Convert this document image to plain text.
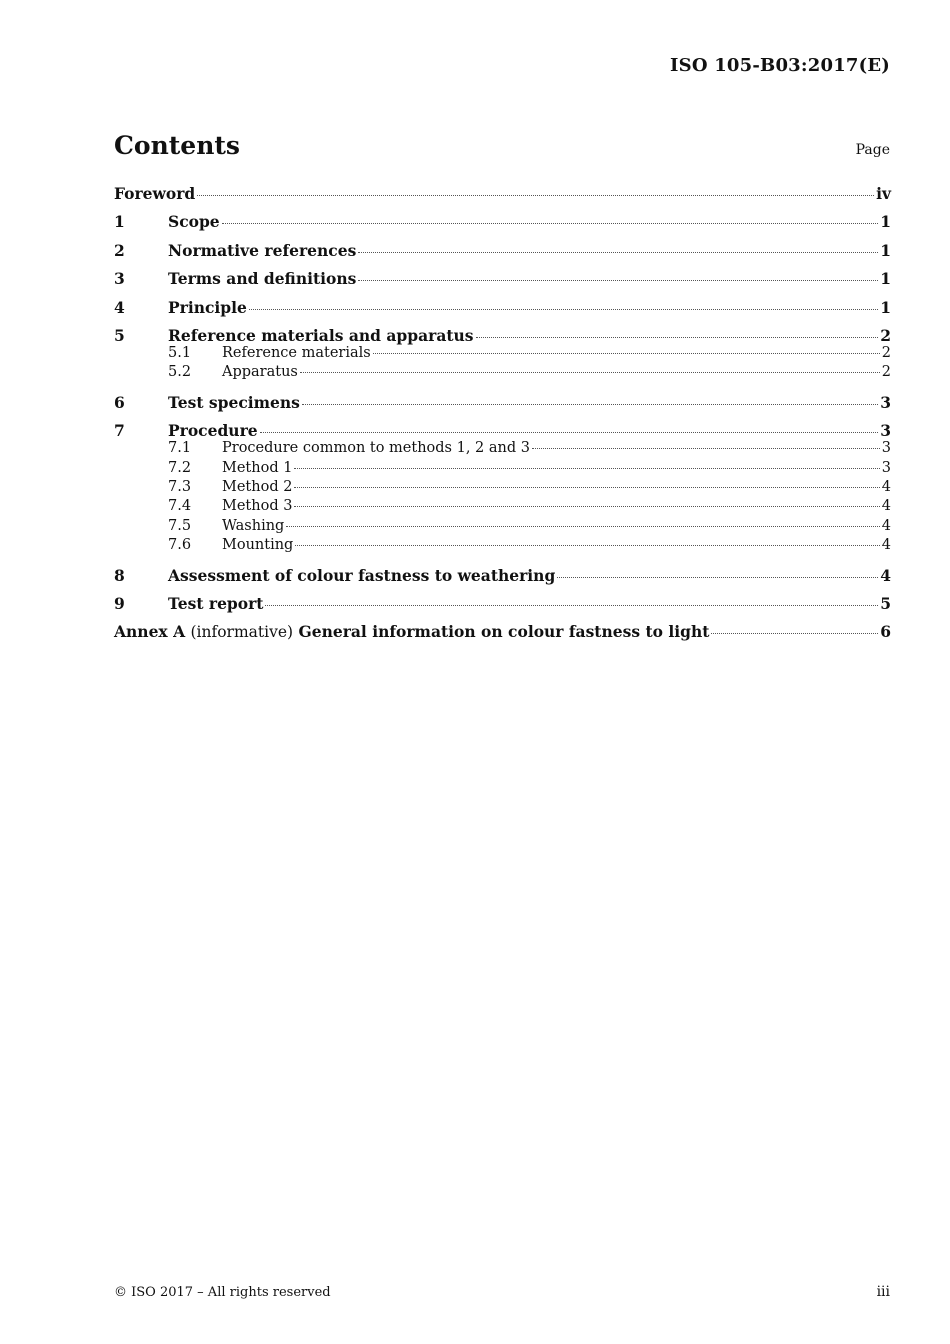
ISO 105-B03:2017(E)
Contents	Page
Foreword	iv
1	Scope	1
2	Normative references	1
3	Terms and definitions	1
4	Principle	1
5	Reference materials and apparatus	2
5.1	Reference materials	2
5.2	Apparatus	2
6	Test specimens	3
7	Procedure	3
7.1	Procedure common to methods 1, 2 and 3	3
7.2	Method 1	3
7.3	Method 2	4
7.4	Method 3	4
7.5	Washing	4
7.6	Mounting	4
8	Assessment of colour fastness to weathering	4
9	Test report	5
Annex A (informative) General information on colour fastness to light	6
© ISO 2017 – All rights reserved	iii
